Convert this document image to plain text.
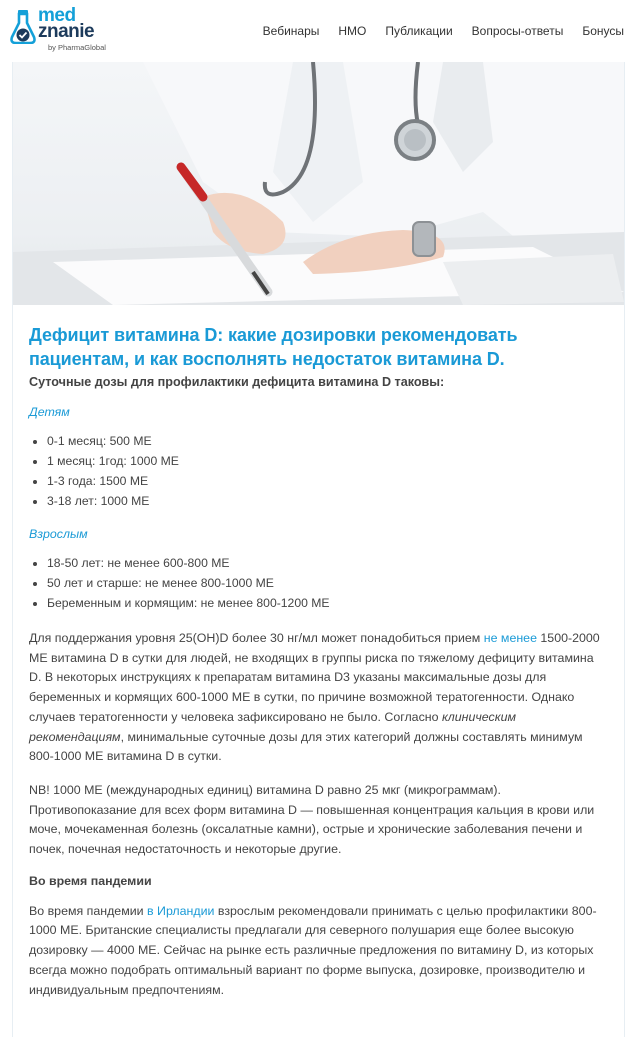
med
znanie
by PharmaGlobal
Вебинары НМО Публикации Вопросы-ответы Бонусы
Дефицит витамина D: какие дозировки рекомендовать пациентам, и как восполнять недостаток витамина D.
Суточные дозы для профилактики дефицита витамина D таковы:
Детям
• 0-1 месяц: 500 МЕ
• 1 месяц: 1год: 1000 МЕ
• 1-3 года: 1500 МЕ
• 3-18 лет: 1000 МЕ
Взрослым
• 18-50 лет: не менее 600-800 МЕ
• 50 лет и старше: не менее 800-1000 МЕ
• Беременным и кормящим: не менее 800-1200 МЕ

Для поддержания уровня 25(OH)D более 30 нг/мл может понадобиться прием не менее 1500-2000 МЕ витамина D в сутки для людей, не входящих в группы риска по тяжелому дефициту витамина D. В некоторых инструкциях к препаратам витамина D3 указаны максимальные дозы для беременных и кормящих 600-1000 МЕ в сутки, по причине возможной тератогенности. Однако случаев тератогенности у человека зафиксировано не было. Согласно клиническим рекомендациям, минимальные суточные дозы для этих категорий должны составлять минимум 800-1000 МЕ витамина D в сутки.

NB! 1000 МЕ (международных единиц) витамина D равно 25 мкг (микрограммам). Противопоказание для всех форм витамина D — повышенная концентрация кальция в крови или моче, мочекаменная болезнь (оксалатные камни), острые и хронические заболевания печени и почек, почечная недостаточность и некоторые другие.

Во время пандемии

Во время пандемии в Ирландии взрослым рекомендовали принимать с целью профилактики 800-1000 МЕ. Британские специалисты предлагали для северного полушария еще более высокую дозировку — 4000 МЕ. Сейчас на рынке есть различные предложения по витамину D, из которых всегда можно подобрать оптимальный вариант по форме выпуска, дозировке, производителю и индивидуальным предпочтениям.
